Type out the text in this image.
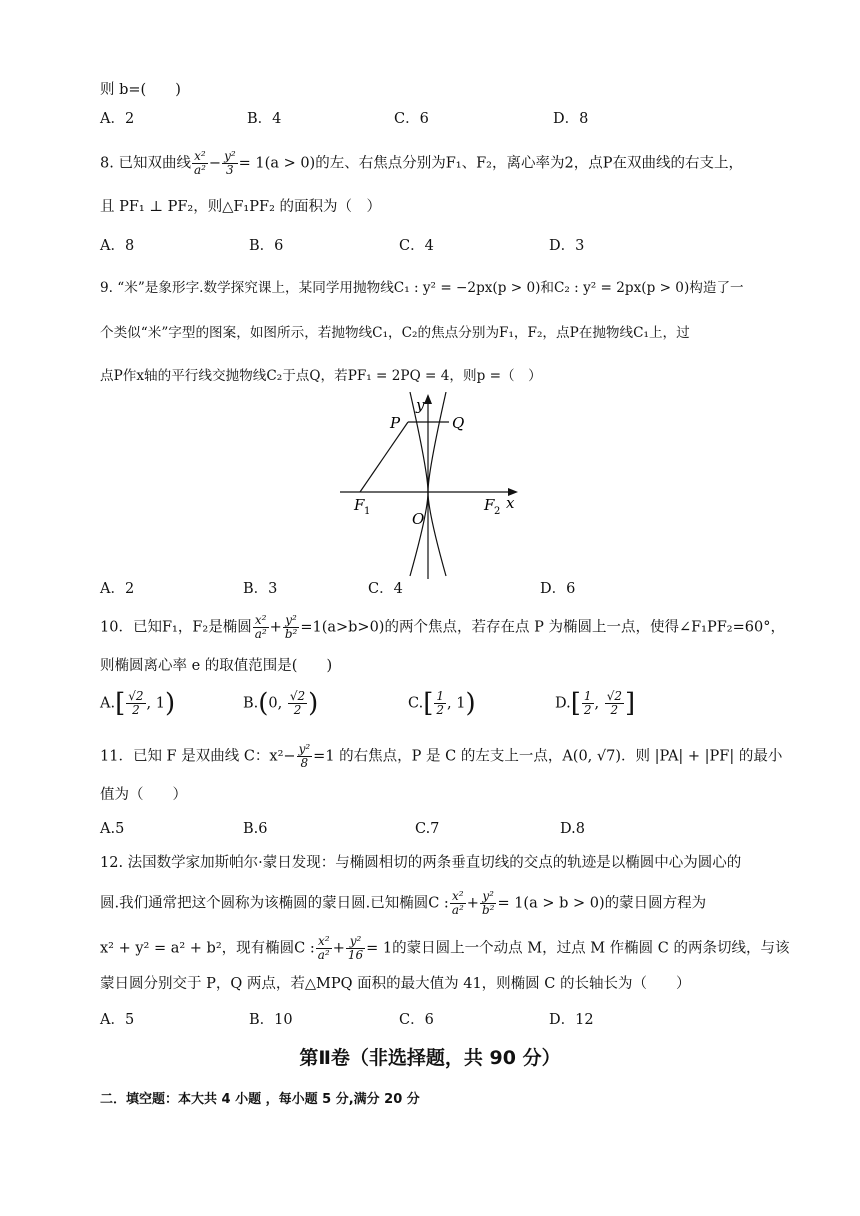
则 b=(　　)
A．2	B．4	C．6	D．8
8. 已知双曲线 $\frac{\text{x²}}{\text{a²}} - \frac{\text{y²}}{3} = 1(a > 0)$的左、右焦点分别为F₁、F₂，离心率为2，点P在双曲线的右支上，
且 PF₁ ⊥ PF₂，则△F₁PF₂ 的面积为（　）
A．8	B．6	C．4	D．3
9. “米”是象形字.数学探究课上，某同学用抛物线C₁ : y² = −2px(p > 0)和C₂ : y² = 2px(p > 0)构造了一
个类似“米”字型的图案，如图所示，若抛物线C₁，C₂的焦点分别为F₁，F₂，点P在抛物线C₁上，过
点P作x轴的平行线交抛物线C₂于点Q，若PF₁ = 2PQ = 4，则p =（　）
y
x
P	Q
O
F 1	F 2
A．2	B．3	C．4	D．6
10．已知F₁，F₂是椭圆 $\frac{\text{x²}}{\text{a²}} + \frac{\text{y²}}{\text{b²}} =1(a>b>0)$的两个焦点，若存在点 P 为椭圆上一点，使得∠F₁PF₂=60°，
则椭圆离心率 e 的取值范围是(　　)
$A.[ \frac{√2}{2}$ , 1)	B.(0, $\frac{√2}{2}$ )	$C.[ \frac{1}{2}$ , 1)	$D.[ \frac{1}{2}$ , $\frac{√2}{2}$ ]
11．已知 F 是双曲线 C：$x^2- \frac{\text{y²}}{8} =1$ 的右焦点，P 是 C 的左支上一点，A(0, √7)．则 |PA| + |PF| 的最小
值为（　　）
A.5	B.6	C.7	D.8
12. 法国数学家加斯帕尔·蒙日发现：与椭圆相切的两条垂直切线的交点的轨迹是以椭圆中心为圆心的
圆.我们通常把这个圆称为该椭圆的蒙日圆.已知椭圆C : $\frac{\text{x²}}{\text{a²}} + \frac{\text{y²}}{\text{b²}} = 1(a > b > 0)$的蒙日圆方程为
x² + y² = a² + b²，现有椭圆C : $\frac{\text{x²}}{\text{a²}} + \frac{\text{y²}}{16} = 1$的蒙日圆上一个动点 M，过点 M 作椭圆 C 的两条切线，与该
蒙日圆分别交于 P，Q 两点，若△MPQ 面积的最大值为 41，则椭圆 C 的长轴长为（　　）
A．5	B．10	C．6	D．12
第Ⅱ卷（非选择题，共 90 分）
二．填空题：本大共 4 小题 ，每小题 5 分,满分 20 分
